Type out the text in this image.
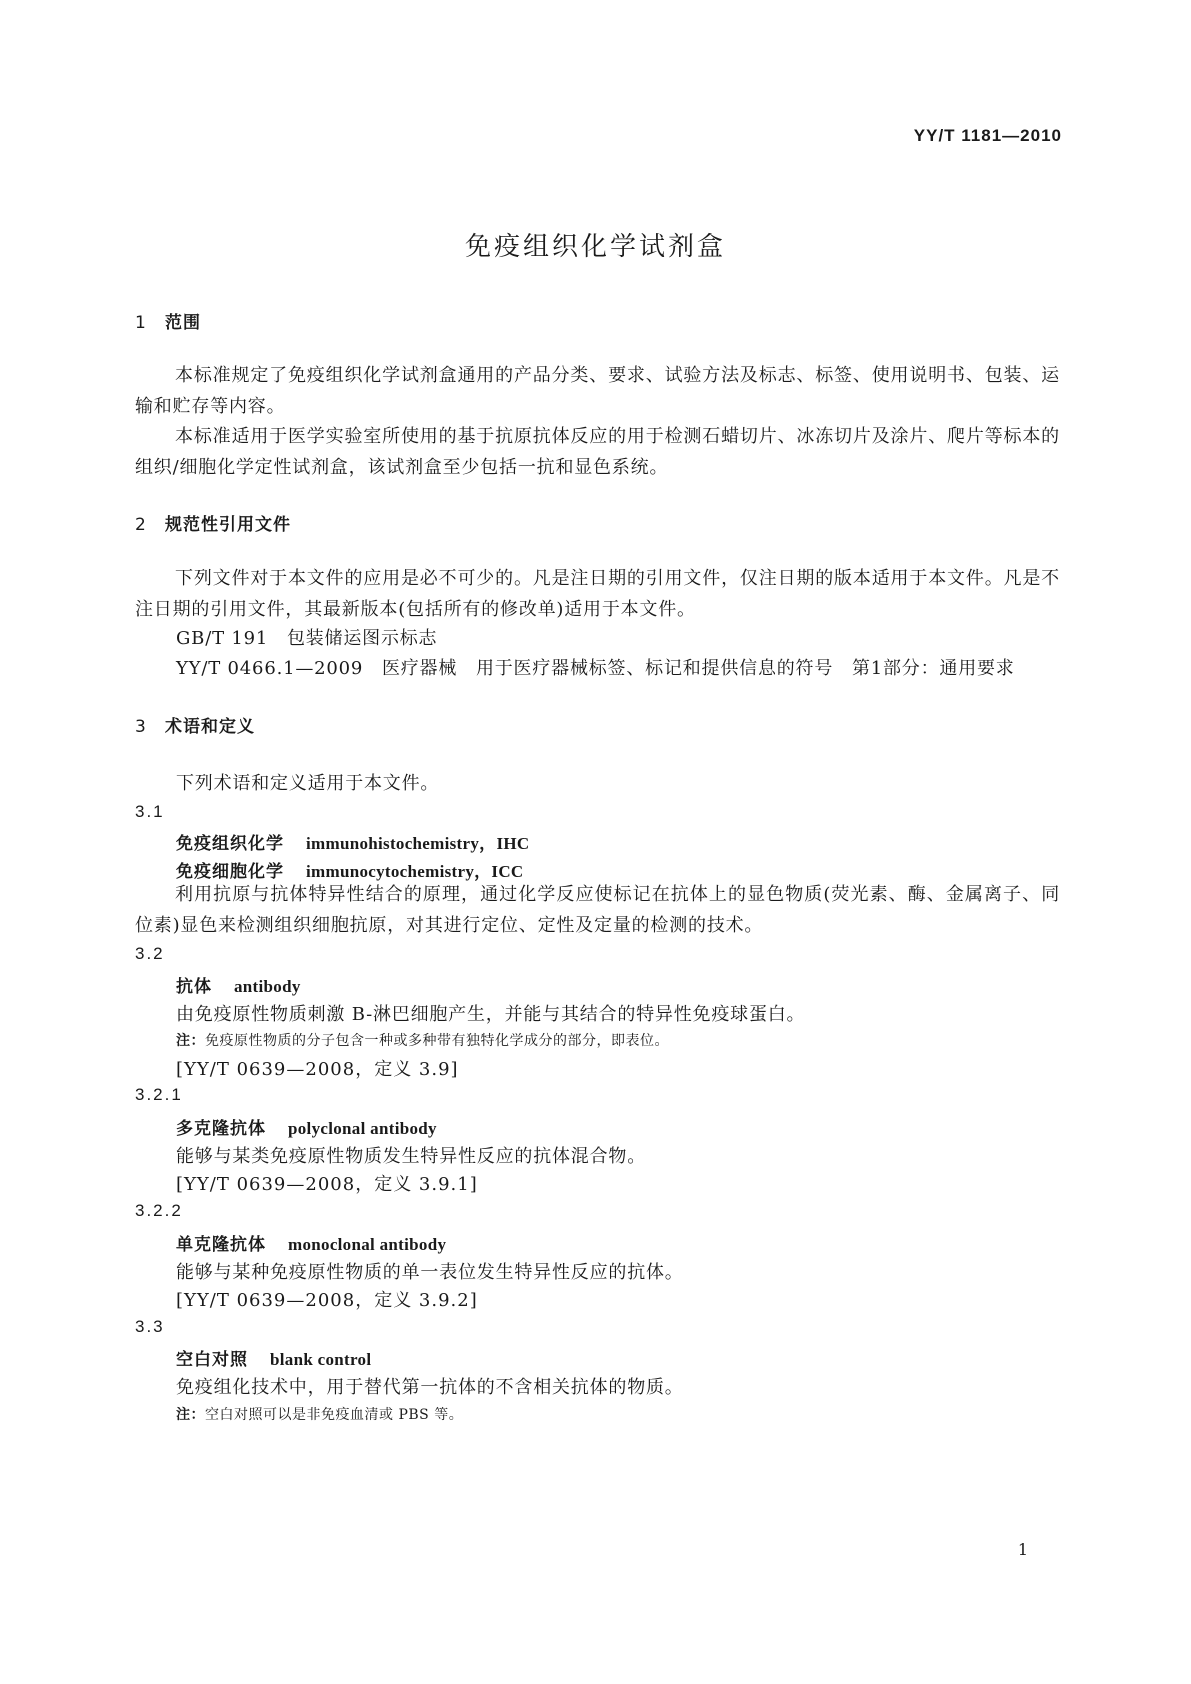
YY/T 1181—2010
免疫组织化学试剂盒
1 范围
本标准规定了免疫组织化学试剂盒通用的产品分类、要求、试验方法及标志、标签、使用说明书、包装、运输和贮存等内容。
本标准适用于医学实验室所使用的基于抗原抗体反应的用于检测石蜡切片、冰冻切片及涂片、爬片等标本的组织/细胞化学定性试剂盒，该试剂盒至少包括一抗和显色系统。
2 规范性引用文件
下列文件对于本文件的应用是必不可少的。凡是注日期的引用文件，仅注日期的版本适用于本文件。凡是不注日期的引用文件，其最新版本(包括所有的修改单)适用于本文件。
GB/T 191　包装储运图示标志
YY/T 0466.1—2009　医疗器械　用于医疗器械标签、标记和提供信息的符号　第1部分：通用要求
3 术语和定义
下列术语和定义适用于本文件。
3.1
免疫组织化学 immunohistochemistry，IHC
免疫细胞化学 immunocytochemistry，ICC
利用抗原与抗体特异性结合的原理，通过化学反应使标记在抗体上的显色物质(荧光素、酶、金属离子、同位素)显色来检测组织细胞抗原，对其进行定位、定性及定量的检测的技术。
3.2
抗体 antibody
由免疫原性物质刺激 B-淋巴细胞产生，并能与其结合的特异性免疫球蛋白。
注：免疫原性物质的分子包含一种或多种带有独特化学成分的部分，即表位。
[YY/T 0639—2008，定义 3.9]
3.2.1
多克隆抗体 polyclonal antibody
能够与某类免疫原性物质发生特异性反应的抗体混合物。
[YY/T 0639—2008，定义 3.9.1]
3.2.2
单克隆抗体 monoclonal antibody
能够与某种免疫原性物质的单一表位发生特异性反应的抗体。
[YY/T 0639—2008，定义 3.9.2]
3.3
空白对照 blank control
免疫组化技术中，用于替代第一抗体的不含相关抗体的物质。
注：空白对照可以是非免疫血清或 PBS 等。
1
